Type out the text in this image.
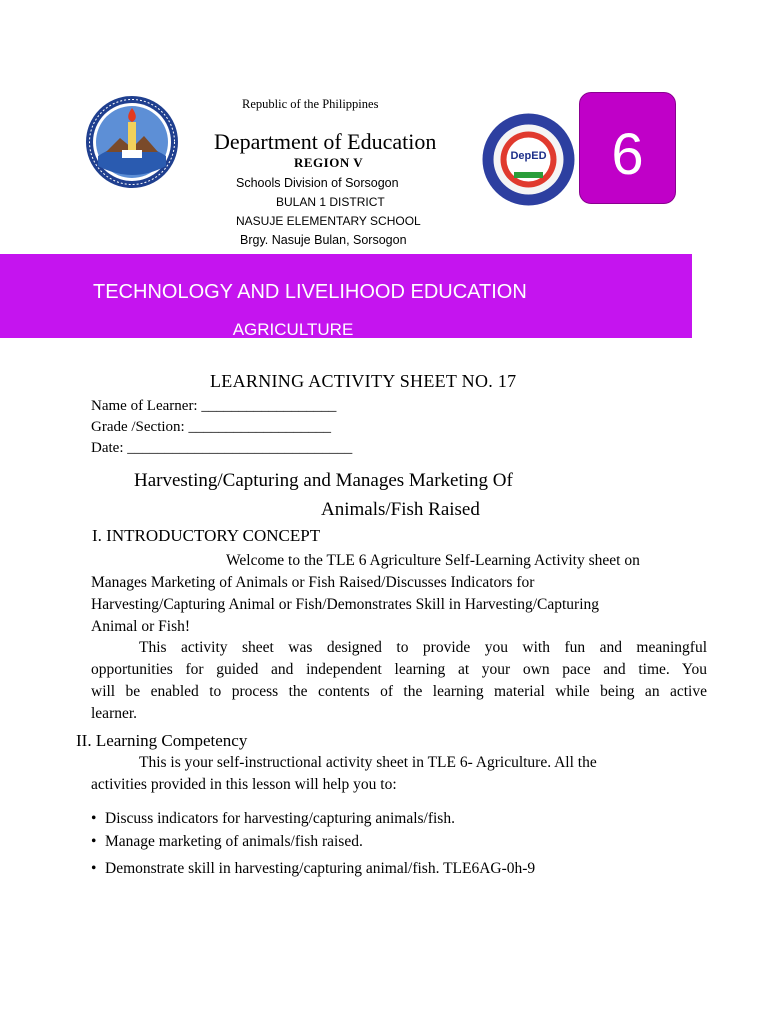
Republic of the Philippines
Department of Education
REGION V
Schools Division of Sorsogon
BULAN 1 DISTRICT
NASUJE ELEMENTARY SCHOOL
Brgy. Nasuje Bulan, Sorsogon
DepED	6
TECHNOLOGY AND LIVELIHOOD EDUCATION
AGRICULTURE
LEARNING ACTIVITY SHEET NO. 17
Name of Learner: __________________
Grade /Section: ___________________
Date: ______________________________
Harvesting/Capturing and Manages Marketing Of
Animals/Fish Raised
I. INTRODUCTORY CONCEPT
Welcome to the TLE 6 Agriculture Self-Learning Activity sheet on
Manages Marketing of Animals or Fish Raised/Discusses Indicators for
Harvesting/Capturing Animal or Fish/Demonstrates Skill in Harvesting/Capturing
Animal or Fish!
This activity sheet was designed to provide you with fun and meaningful
opportunities for guided and independent learning at your own pace and time. You
will be enabled to process the contents of the learning material while being an active
learner.
II. Learning Competency
This is your self-instructional activity sheet in TLE 6- Agriculture. All the
activities provided in this lesson will help you to:
• Discuss indicators for harvesting/capturing animals/fish.
• Manage marketing of animals/fish raised.
• Demonstrate skill in harvesting/capturing animal/fish. TLE6AG-0h-9
